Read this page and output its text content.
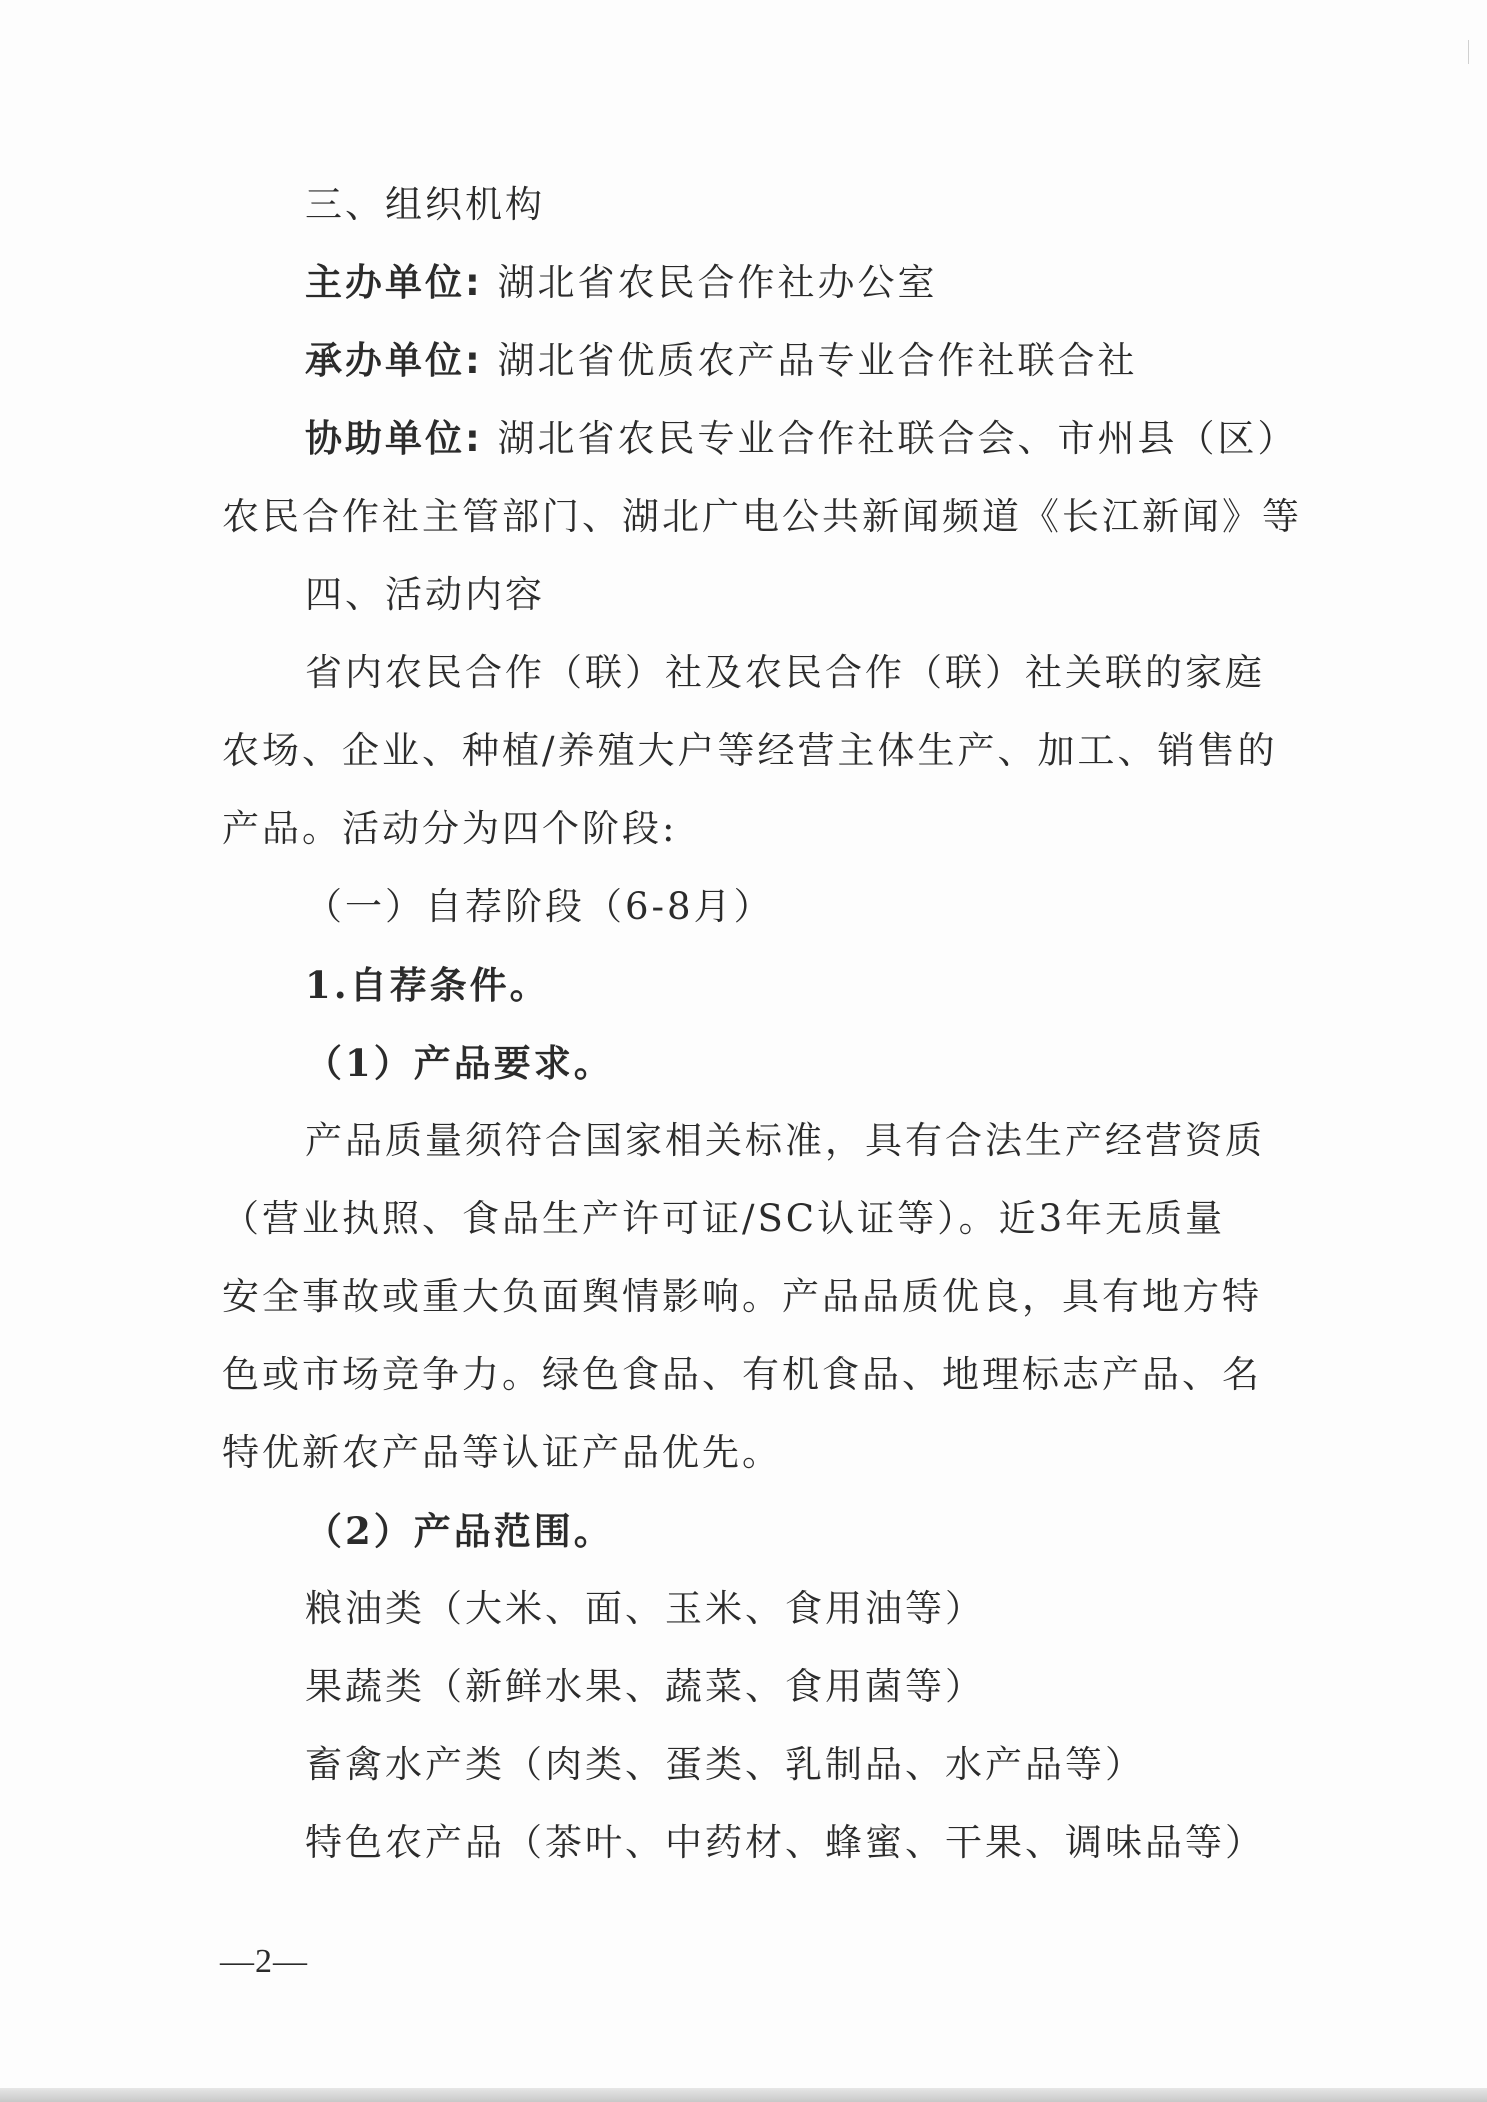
三、组织机构
主办单位: 湖北省农民合作社办公室
承办单位: 湖北省优质农产品专业合作社联合社
协助单位: 湖北省农民专业合作社联合会、市州县（区）
农民合作社主管部门、湖北广电公共新闻频道《长江新闻》等
四、活动内容
省内农民合作（联）社及农民合作（联）社关联的家庭
农场、企业、种植/养殖大户等经营主体生产、加工、销售的
产品。活动分为四个阶段:
（一）自荐阶段（6-8月）
1.自荐条件。
（1）产品要求。
产品质量须符合国家相关标准，具有合法生产经营资质
（营业执照、食品生产许可证/SC认证等）。近3年无质量
安全事故或重大负面舆情影响。产品品质优良，具有地方特
色或市场竞争力。绿色食品、有机食品、地理标志产品、名
特优新农产品等认证产品优先。
（2）产品范围。
粮油类（大米、面、玉米、食用油等）
果蔬类（新鲜水果、蔬菜、食用菌等）
畜禽水产类（肉类、蛋类、乳制品、水产品等）
特色农产品（茶叶、中药材、蜂蜜、干果、调味品等）
—2—
